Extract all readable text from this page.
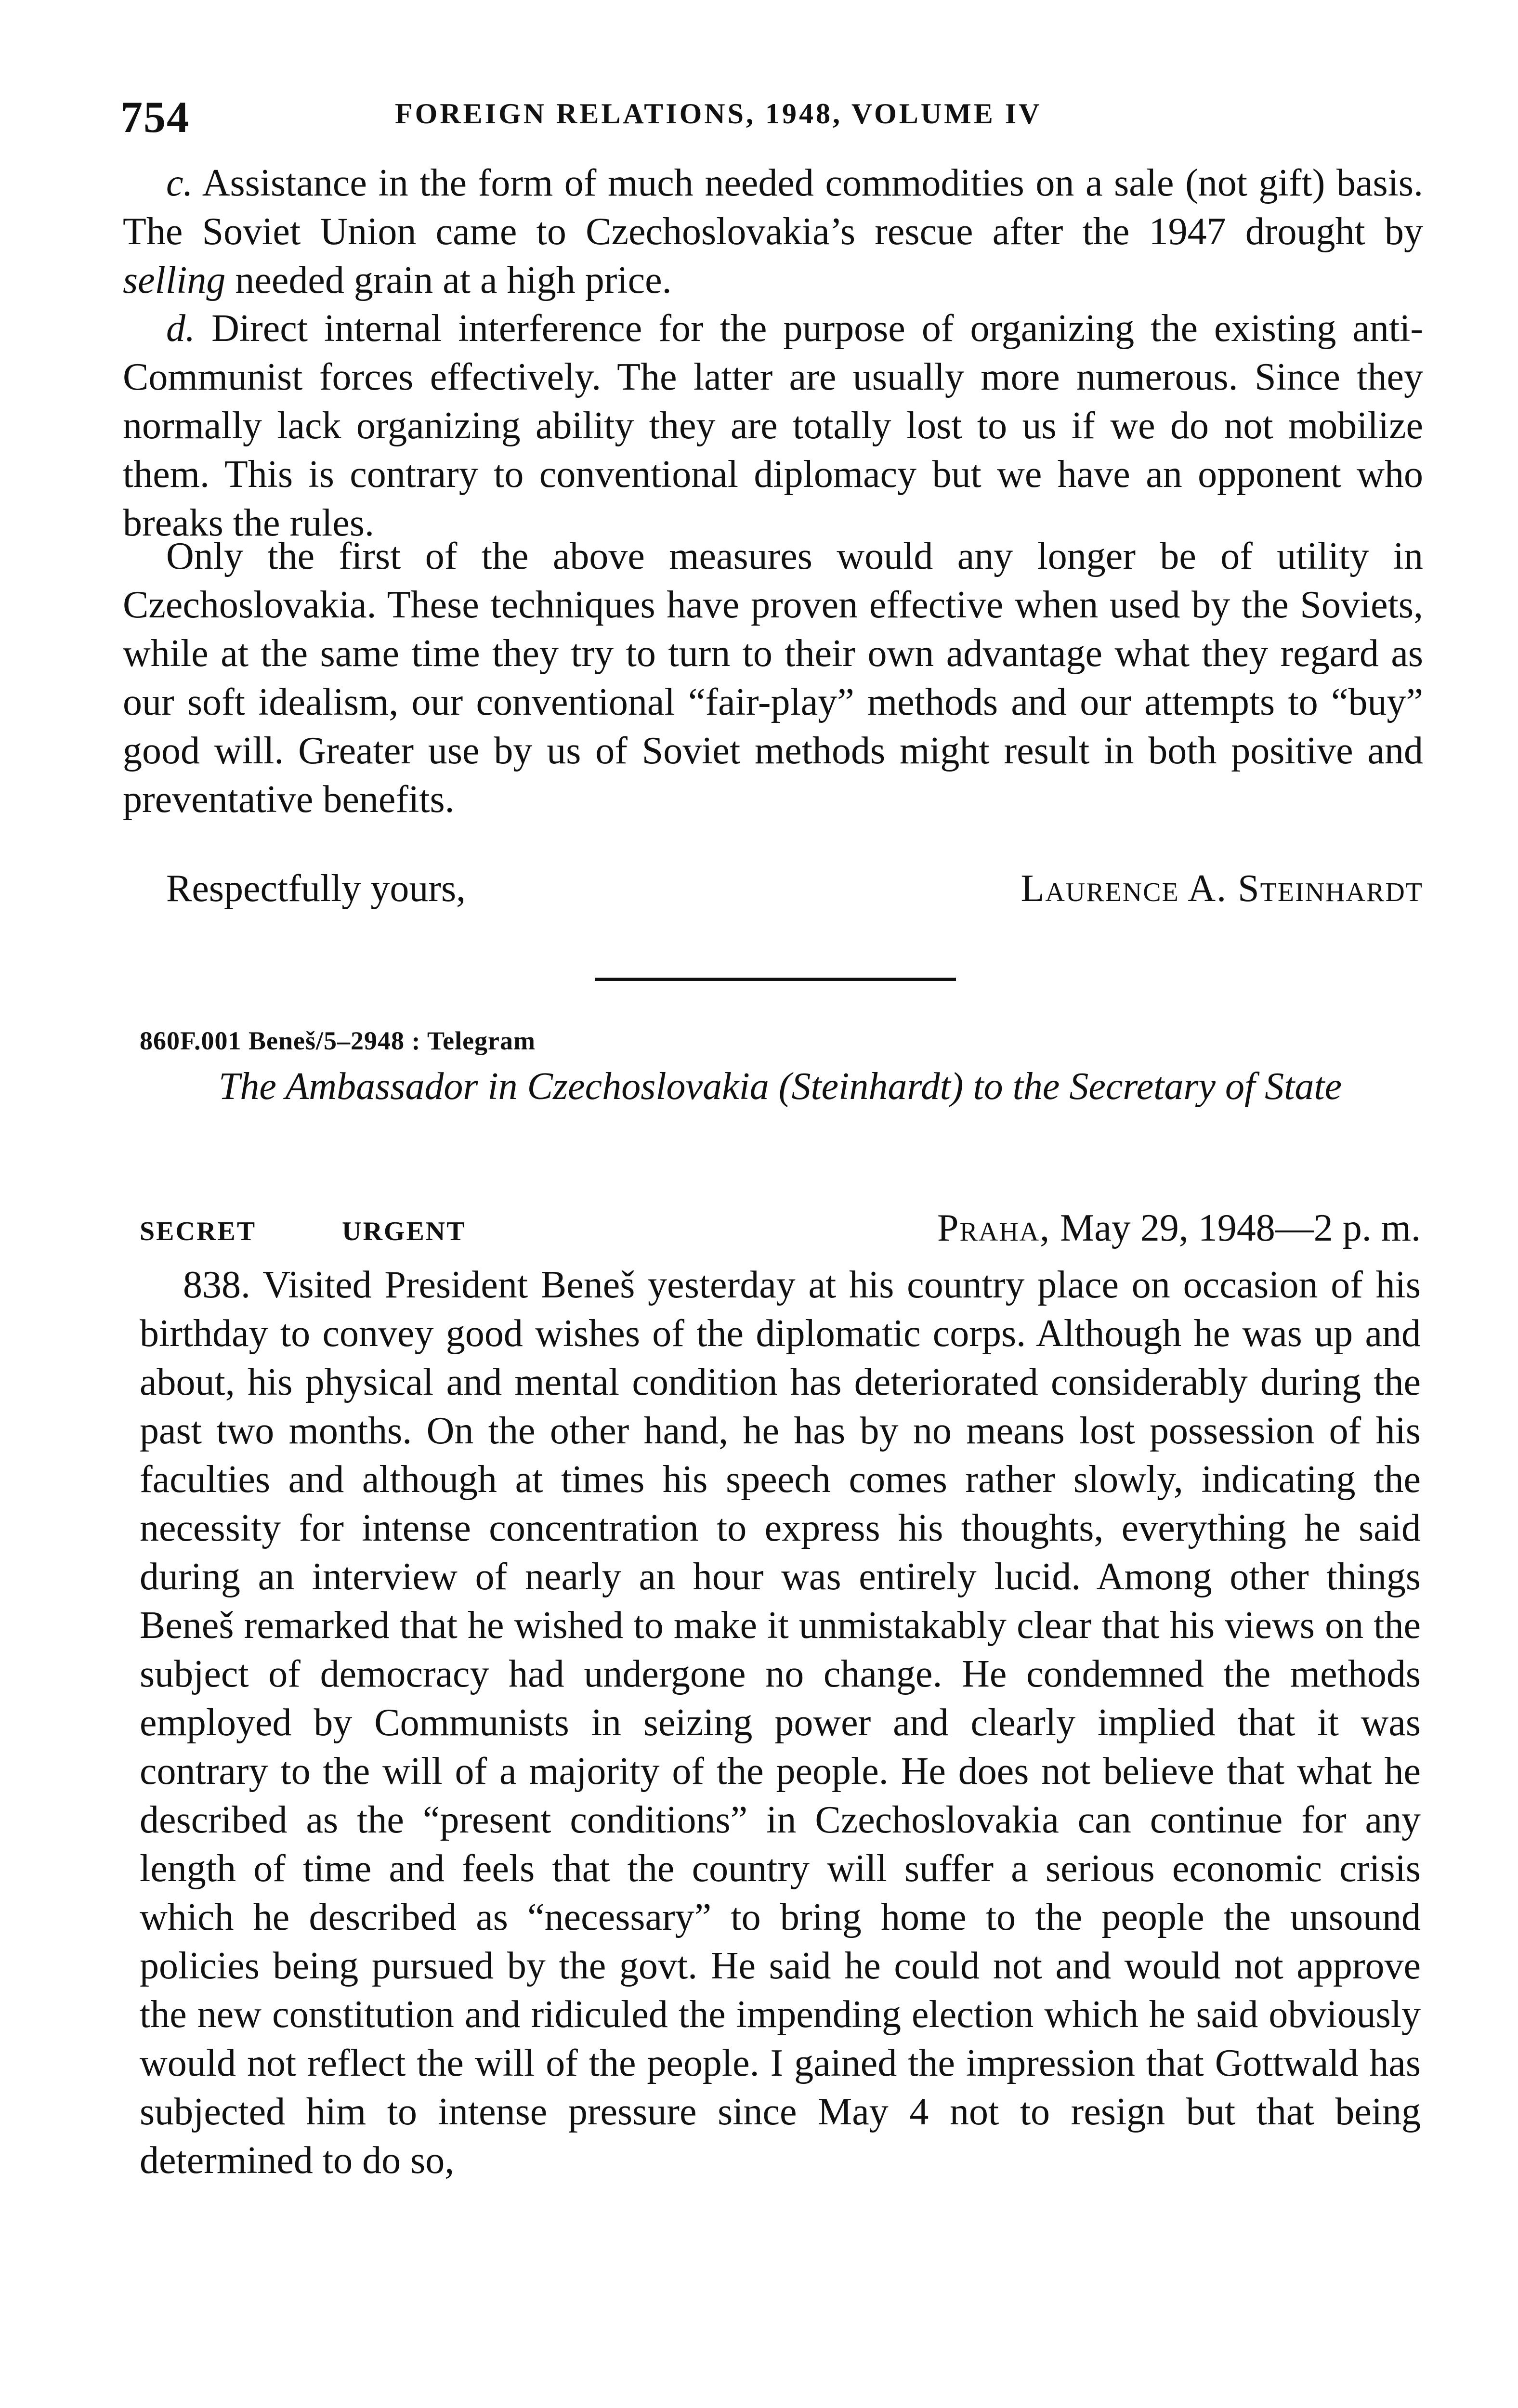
754	FOREIGN RELATIONS, 1948, VOLUME IV

c. Assistance in the form of much needed commodities on a sale (not gift) basis. The Soviet Union came to Czechoslovakia’s rescue after the 1947 drought by selling needed grain at a high price.

d. Direct internal interference for the purpose of organizing the existing anti-Communist forces effectively. The latter are usually more numerous. Since they normally lack organizing ability they are totally lost to us if we do not mobilize them. This is contrary to conventional diplomacy but we have an opponent who breaks the rules.

Only the first of the above measures would any longer be of utility in Czechoslovakia. These techniques have proven effective when used by the Soviets, while at the same time they try to turn to their own advantage what they regard as our soft idealism, our conventional “fair-play” methods and our attempts to “buy” good will. Greater use by us of Soviet methods might result in both positive and preventative benefits.

Respectfully yours,	Laurence A. Steinhardt
860F.001 Beneš/5–2948 : Telegram
The Ambassador in Czechoslovakia (Steinhardt) to the Secretary of State
SECRET	URGENT	Praha, May 29, 1948—2 p. m.

838. Visited President Beneš yesterday at his country place on occasion of his birthday to convey good wishes of the diplomatic corps. Although he was up and about, his physical and mental condition has deteriorated considerably during the past two months. On the other hand, he has by no means lost possession of his faculties and although at times his speech comes rather slowly, indicating the necessity for intense concentration to express his thoughts, everything he said during an interview of nearly an hour was entirely lucid. Among other things Beneš remarked that he wished to make it unmistakably clear that his views on the subject of democracy had undergone no change. He condemned the methods employed by Communists in seizing power and clearly implied that it was contrary to the will of a majority of the people. He does not believe that what he described as the “present conditions” in Czechoslovakia can continue for any length of time and feels that the country will suffer a serious economic crisis which he described as “necessary” to bring home to the people the unsound policies being pursued by the govt. He said he could not and would not approve the new constitution and ridiculed the impending election which he said obviously would not reflect the will of the people. I gained the impression that Gottwald has subjected him to intense pressure since May 4 not to resign but that being determined to do so,
